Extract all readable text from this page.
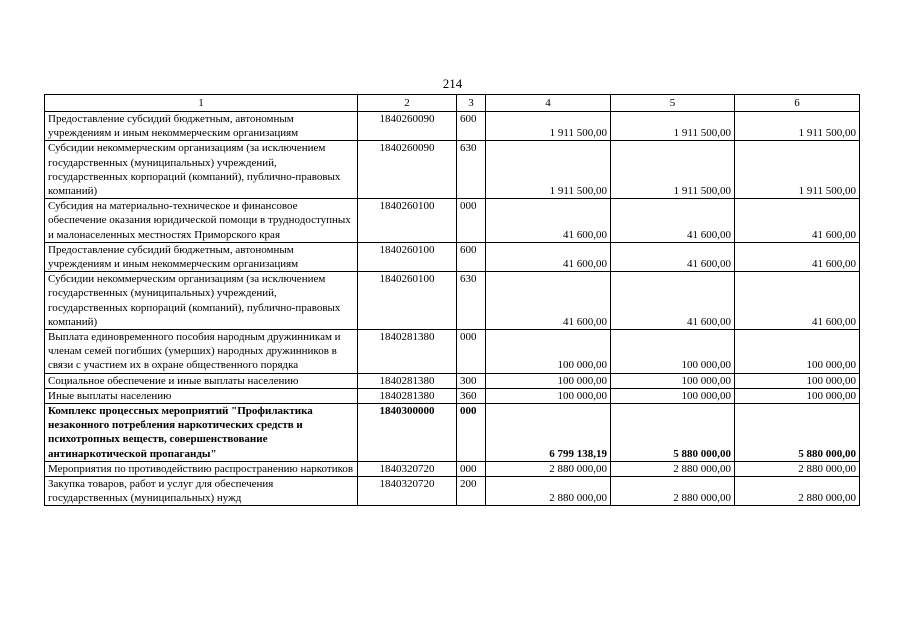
214
1	2	3	4	5	6
Предоставление субсидий бюджетным, автономным учреждениям и иным некоммерческим организациям	1840260090	600	1 911 500,00	1 911 500,00	1 911 500,00
Субсидии некоммерческим организациям (за исключением государственных (муниципальных) учреждений, государственных корпораций (компаний), публично-правовых компаний)	1840260090	630	1 911 500,00	1 911 500,00	1 911 500,00
Субсидия на материально-техническое и финансовое обеспечение оказания юридической помощи в труднодоступных и малонаселенных местностях Приморского края	1840260100	000	41 600,00	41 600,00	41 600,00
Предоставление субсидий бюджетным, автономным учреждениям и иным некоммерческим организациям	1840260100	600	41 600,00	41 600,00	41 600,00
Субсидии некоммерческим организациям (за исключением государственных (муниципальных) учреждений, государственных корпораций (компаний), публично-правовых компаний)	1840260100	630	41 600,00	41 600,00	41 600,00
Выплата единовременного пособия народным дружинникам и членам семей погибших (умерших) народных дружинников в связи с участием их в охране общественного порядка	1840281380	000	100 000,00	100 000,00	100 000,00
Социальное обеспечение и иные выплаты населению	1840281380	300	100 000,00	100 000,00	100 000,00
Иные выплаты населению	1840281380	360	100 000,00	100 000,00	100 000,00
Комплекс процессных мероприятий "Профилактика незаконного потребления наркотических средств и психотропных веществ, совершенствование антинаркотической пропаганды"	1840300000	000	6 799 138,19	5 880 000,00	5 880 000,00
Мероприятия по противодействию распространению наркотиков	1840320720	000	2 880 000,00	2 880 000,00	2 880 000,00
Закупка товаров, работ и услуг для обеспечения государственных (муниципальных) нужд	1840320720	200	2 880 000,00	2 880 000,00	2 880 000,00
